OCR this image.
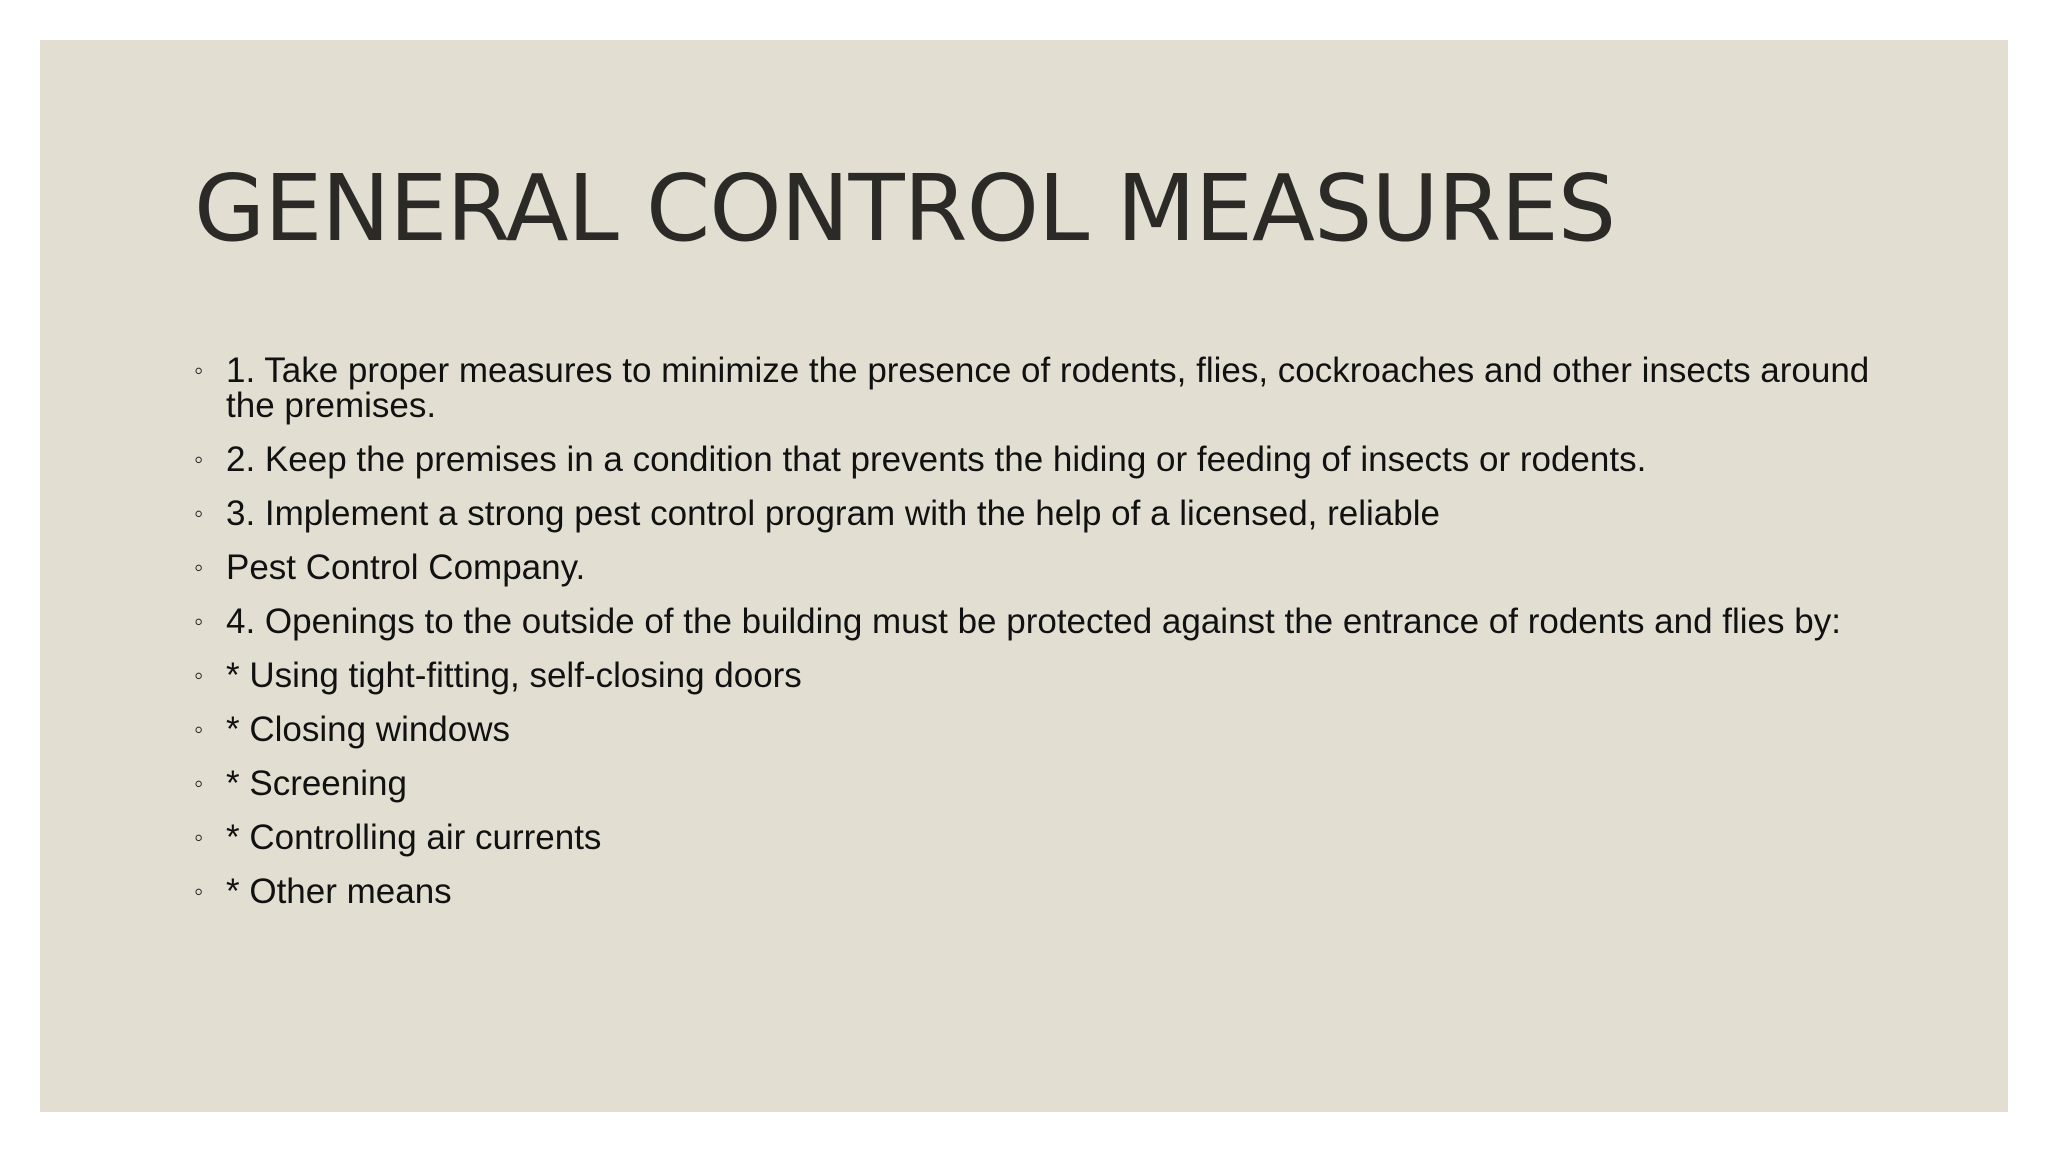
GENERAL CONTROL MEASURES
◦ 1. Take proper measures to minimize the presence of rodents, flies, cockroaches and other insects around the premises.
◦ 2. Keep the premises in a condition that prevents the hiding or feeding of insects or rodents.
◦ 3. Implement a strong pest control program with the help of a licensed, reliable
◦ Pest Control Company.
◦ 4. Openings to the outside of the building must be protected against the entrance of rodents and flies by:
◦ * Using tight-fitting, self-closing doors
◦ * Closing windows
◦ * Screening
◦ * Controlling air currents
◦ * Other means
